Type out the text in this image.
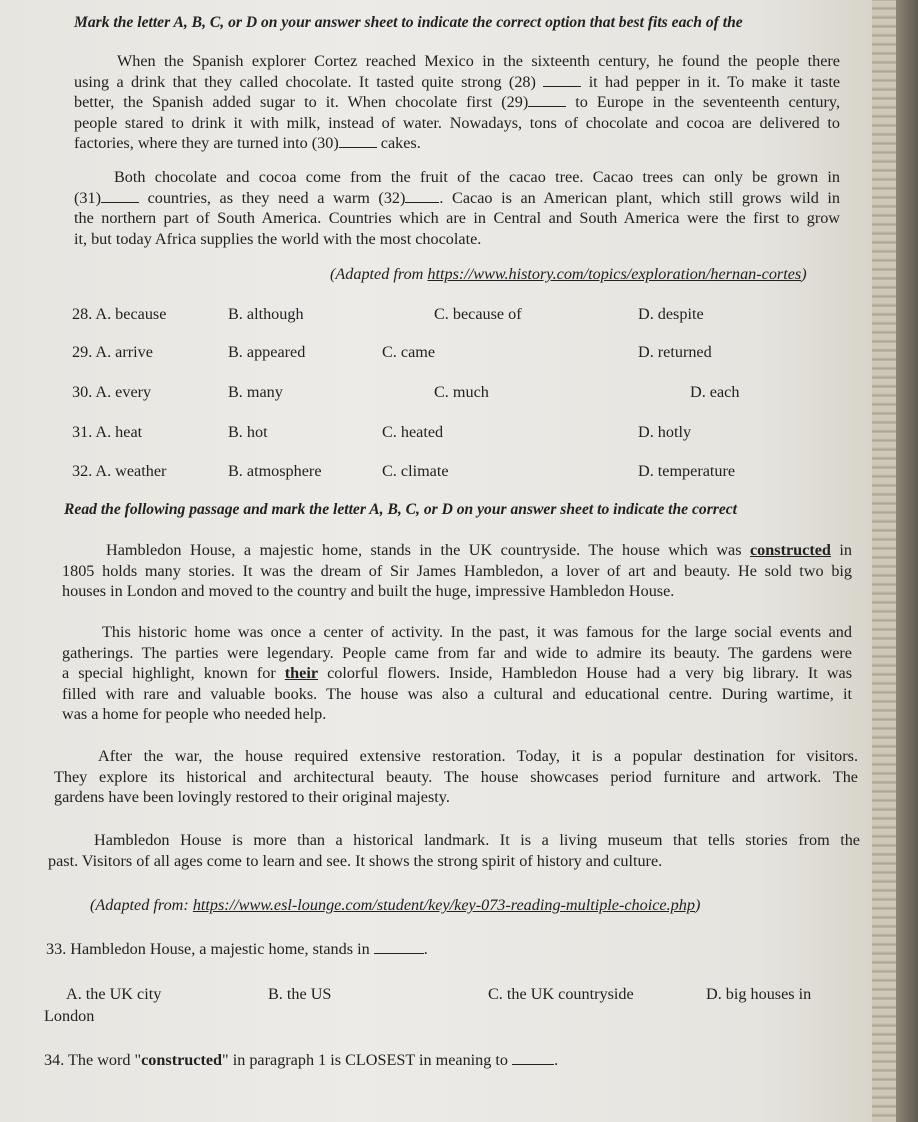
Mark the letter A, B, C, or D on your answer sheet to indicate the correct option that best fits each of the
When the Spanish explorer Cortez reached Mexico in the sixteenth century, he found the people there
using a drink that they called chocolate. It tasted quite strong (28)	it had pepper in it. To make it taste
better, the Spanish added sugar to it. When chocolate first (29)	to Europe in the seventeenth century,
people stared to drink it with milk, instead of water. Nowadays, tons of chocolate and cocoa are delivered to
factories, where they are turned into (30)	cakes.
Both chocolate and cocoa come from the fruit of the cacao tree. Cacao trees can only be grown in
(31)	countries, as they need a warm (32) . Cacao is an American plant, which still grows wild in
the northern part of South America. Countries which are in Central and South America were the first to grow
it, but today Africa supplies the world with the most chocolate.
(Adapted from https://www.history.com/topics/exploration/hernan-cortes)
28. A. because	B. although	C. because of	D. despite
29. A. arrive	B. appeared	C. came	D. returned
30. A. every	B. many	C. much	D. each
31. A. heat	B. hot	C. heated	D. hotly
32. A. weather	B. atmosphere	C. climate	D. temperature
Read the following passage and mark the letter A, B, C, or D on your answer sheet to indicate the correct
Hambledon House, a majestic home, stands in the UK countryside. The house which was constructed in
1805 holds many stories. It was the dream of Sir James Hambledon, a lover of art and beauty. He sold two big
houses in London and moved to the country and built the huge, impressive Hambledon House.
This historic home was once a center of activity. In the past, it was famous for the large social events and
gatherings. The parties were legendary. People came from far and wide to admire its beauty. The gardens were
a special highlight, known for their colorful flowers. Inside, Hambledon House had a very big library. It was
filled with rare and valuable books. The house was also a cultural and educational centre. During wartime, it
was a home for people who needed help.
After the war, the house required extensive restoration. Today, it is a popular destination for visitors.
They explore its historical and architectural beauty. The house showcases period furniture and artwork. The
gardens have been lovingly restored to their original majesty.
Hambledon House is more than a historical landmark. It is a living museum that tells stories from the
past. Visitors of all ages come to learn and see. It shows the strong spirit of history and culture.
(Adapted from: https://www.esl-lounge.com/student/key/key-073-reading-multiple-choice.php)
33. Hambledon House, a majestic home, stands in	.
A. the UK city	B. the US	C. the UK countryside	D. big houses in
London
34. The word "constructed" in paragraph 1 is CLOSEST in meaning to	.
